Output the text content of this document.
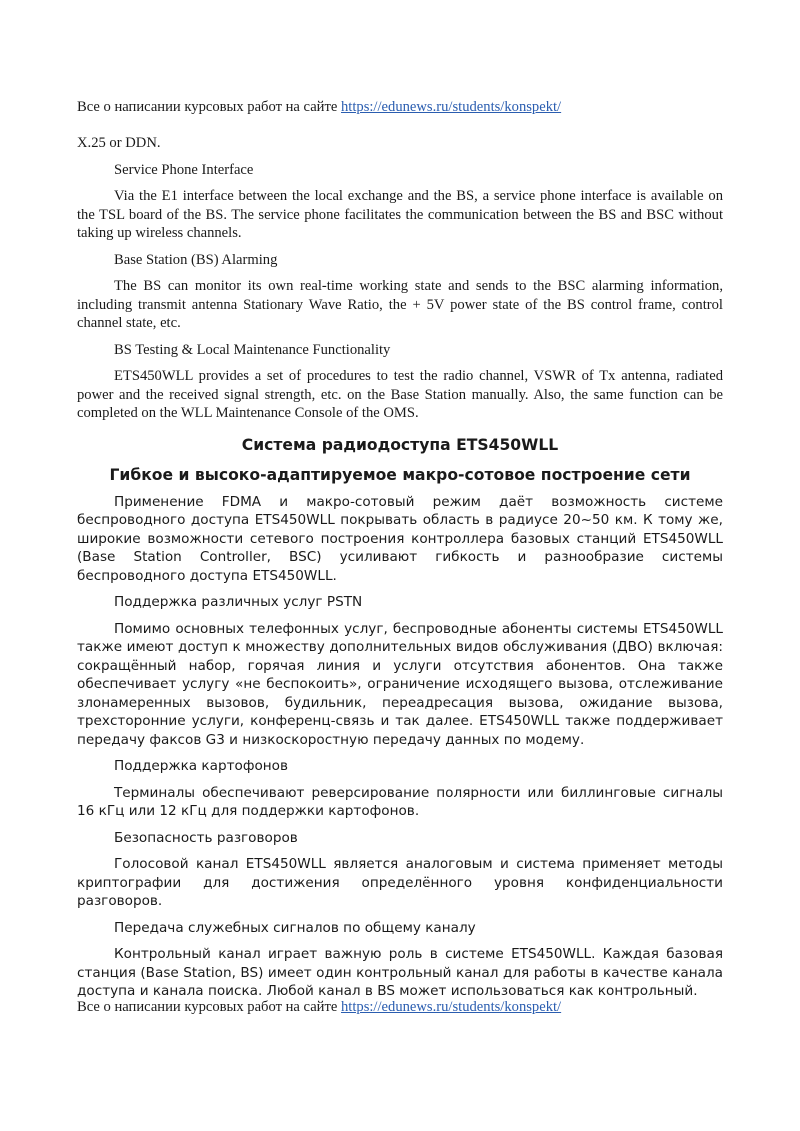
Все о написании курсовых работ на сайте https://edunews.ru/students/konspekt/

X.25 or DDN.

Service Phone Interface

Via the E1 interface between the local exchange and the BS, a service phone interface is available on the TSL board of the BS. The service phone facilitates the communication between the BS and BSC without taking up wireless channels.

Base Station (BS) Alarming

The BS can monitor its own real-time working state and sends to the BSC alarming information, including transmit antenna Stationary Wave Ratio, the + 5V power state of the BS control frame, control channel state, etc.

BS Testing & Local Maintenance Functionality

ETS450WLL provides a set of procedures to test the radio channel, VSWR of Tx antenna, radiated power and the received signal strength, etc. on the Base Station manually. Also, the same function can be completed on the WLL Maintenance Console of the OMS.

Система радиодоступа ETS450WLL
Гибкое и высоко-адаптируемое макро-сотовое построение сети

Применение FDMA и макро-сотовый режим даёт возможность системе беспроводного доступа ETS450WLL покрывать область в радиусе 20~50 км. К тому же, широкие возможности сетевого построения контроллера базовых станций ETS450WLL (Base Station Controller, BSC) усиливают гибкость и разнообразие системы беспроводного доступа ETS450WLL.

Поддержка различных услуг PSTN

Помимо основных телефонных услуг, беспроводные абоненты системы ETS450WLL также имеют доступ к множеству дополнительных видов обслуживания (ДВО) включая: сокращённый набор, горячая линия и услуги отсутствия абонентов. Она также обеспечивает услугу «не беспокоить», ограничение исходящего вызова, отслеживание злонамеренных вызовов, будильник, переадресация вызова, ожидание вызова, трехсторонние услуги, конференц-связь и так далее. ETS450WLL также поддерживает передачу факсов G3 и низкоскоростную передачу данных по модему.

Поддержка картофонов

Терминалы обеспечивают реверсирование полярности или биллинговые сигналы 16 кГц или 12 кГц для поддержки картофонов.

Безопасность разговоров

Голосовой канал ETS450WLL является аналоговым и система применяет методы криптографии для достижения определённого уровня конфиденциальности разговоров.

Передача служебных сигналов по общему каналу

Контрольный канал играет важную роль в системе ETS450WLL. Каждая базовая станция (Base Station, BS) имеет один контрольный канал для работы в качестве канала доступа и канала поиска. Любой канал в BS может использоваться как контрольный.

Все о написании курсовых работ на сайте https://edunews.ru/students/konspekt/
